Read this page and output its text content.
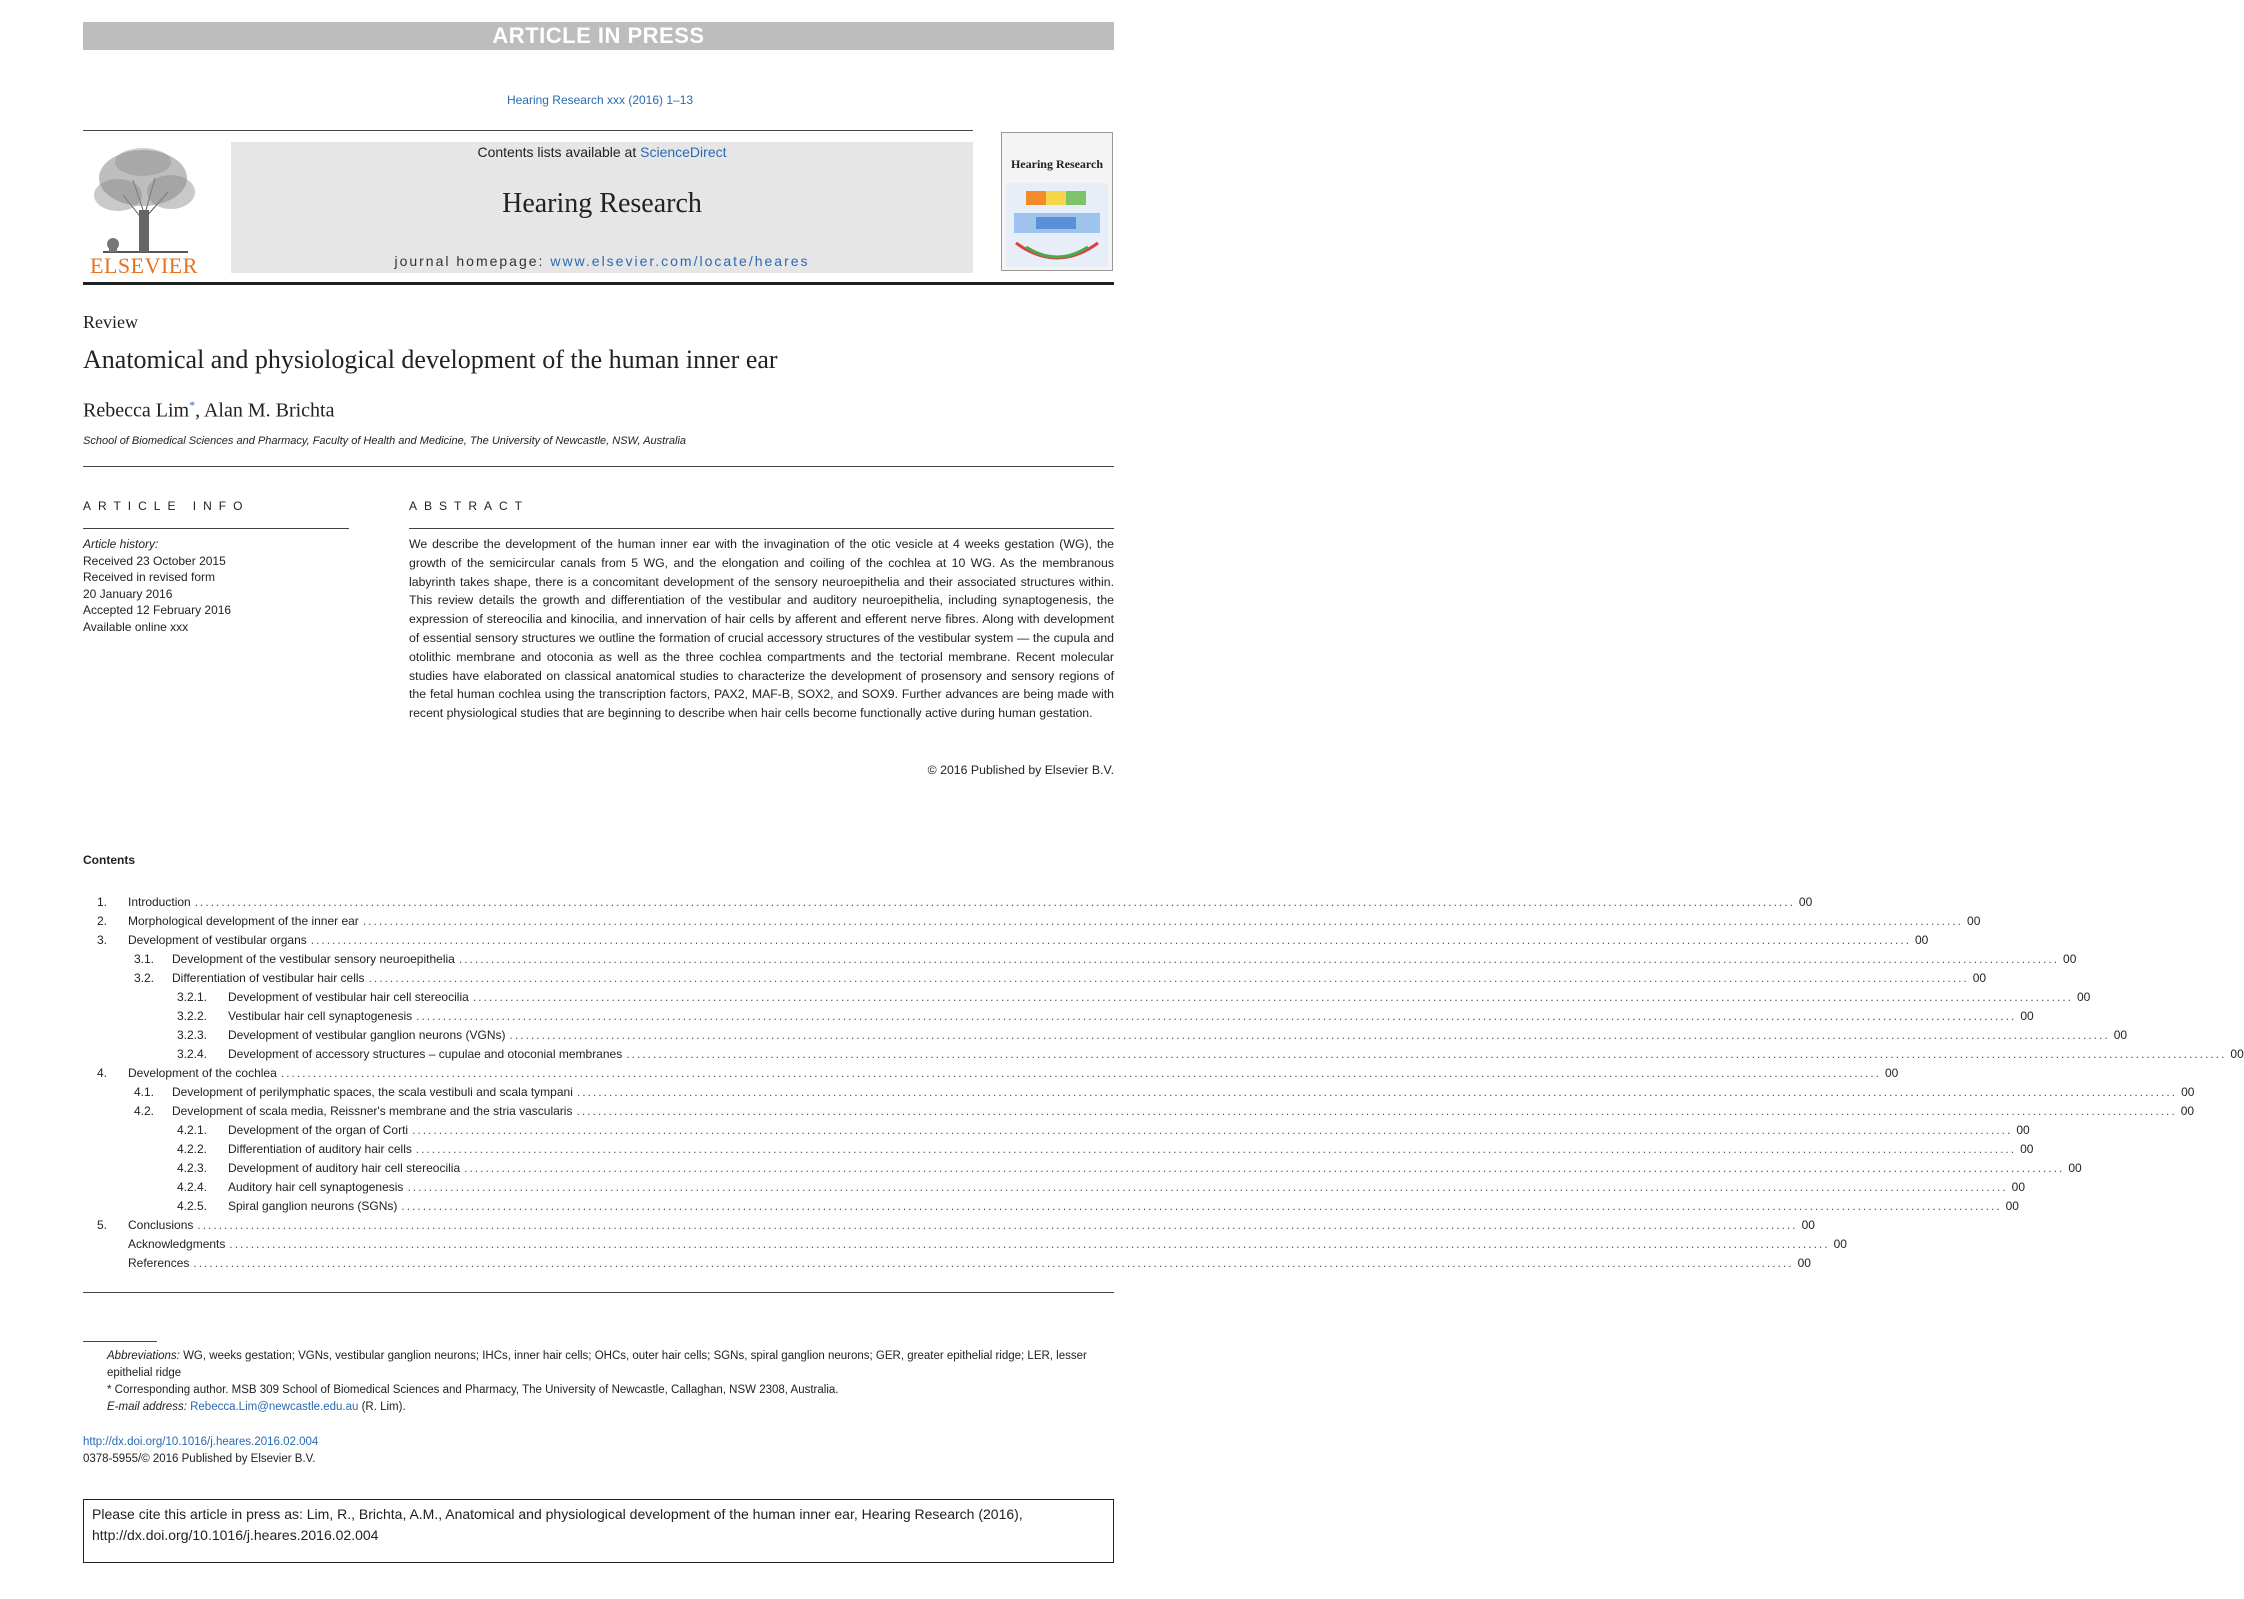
ARTICLE IN PRESS
Hearing Research xxx (2016) 1–13
ELSEVIER
Contents lists available at ScienceDirect
Hearing Research
journal homepage: www.elsevier.com/locate/heares
Hearing Research
Review
Anatomical and physiological development of the human inner ear
Rebecca Lim*, Alan M. Brichta
School of Biomedical Sciences and Pharmacy, Faculty of Health and Medicine, The University of Newcastle, NSW, Australia
ARTICLE INFO	ABSTRACT
Article history:
Received 23 October 2015
Received in revised form
20 January 2016
Accepted 12 February 2016
Available online xxx
We describe the development of the human inner ear with the invagination of the otic vesicle at 4 weeks gestation (WG), the growth of the semicircular canals from 5 WG, and the elongation and coiling of the cochlea at 10 WG. As the membranous labyrinth takes shape, there is a concomitant development of the sensory neuroepithelia and their associated structures within. This review details the growth and differentiation of the vestibular and auditory neuroepithelia, including synaptogenesis, the expression of stereocilia and kinocilia, and innervation of hair cells by afferent and efferent nerve fibres. Along with development of essential sensory structures we outline the formation of crucial accessory structures of the vestibular system — the cupula and otolithic membrane and otoconia as well as the three cochlea compartments and the tectorial membrane. Recent molecular studies have elaborated on classical anatomical studies to characterize the development of prosensory and sensory regions of the fetal human cochlea using the transcription factors, PAX2, MAF-B, SOX2, and SOX9. Further advances are being made with recent physiological studies that are beginning to describe when hair cells become functionally active during human gestation.
© 2016 Published by Elsevier B.V.
Contents
1. Introduction ............................................................................................................................................................................................................................................................................................................ 00
2. Morphological development of the inner ear ............................................................................................................................................................................................................................................................................................................ 00
3. Development of vestibular organs ............................................................................................................................................................................................................................................................................................................ 00
3.1. Development of the vestibular sensory neuroepithelia ............................................................................................................................................................................................................................................................................................................ 00
3.2. Differentiation of vestibular hair cells ............................................................................................................................................................................................................................................................................................................ 00
3.2.1. Development of vestibular hair cell stereocilia ............................................................................................................................................................................................................................................................................................................ 00
3.2.2. Vestibular hair cell synaptogenesis ............................................................................................................................................................................................................................................................................................................ 00
3.2.3. Development of vestibular ganglion neurons (VGNs) ............................................................................................................................................................................................................................................................................................................ 00
3.2.4. Development of accessory structures – cupulae and otoconial membranes ............................................................................................................................................................................................................................................................................................................ 00
4. Development of the cochlea ............................................................................................................................................................................................................................................................................................................ 00
4.1. Development of perilymphatic spaces, the scala vestibuli and scala tympani ............................................................................................................................................................................................................................................................................................................ 00
4.2. Development of scala media, Reissner's membrane and the stria vascularis ............................................................................................................................................................................................................................................................................................................ 00
4.2.1. Development of the organ of Corti ............................................................................................................................................................................................................................................................................................................ 00
4.2.2. Differentiation of auditory hair cells ............................................................................................................................................................................................................................................................................................................ 00
4.2.3. Development of auditory hair cell stereocilia ............................................................................................................................................................................................................................................................................................................ 00
4.2.4. Auditory hair cell synaptogenesis ............................................................................................................................................................................................................................................................................................................ 00
4.2.5. Spiral ganglion neurons (SGNs) ............................................................................................................................................................................................................................................................................................................ 00
5. Conclusions ............................................................................................................................................................................................................................................................................................................ 00
Acknowledgments ............................................................................................................................................................................................................................................................................................................ 00
References ............................................................................................................................................................................................................................................................................................................ 00
Abbreviations: WG, weeks gestation; VGNs, vestibular ganglion neurons; IHCs, inner hair cells; OHCs, outer hair cells; SGNs, spiral ganglion neurons; GER, greater epithelial ridge; LER, lesser epithelial ridge
* Corresponding author. MSB 309 School of Biomedical Sciences and Pharmacy, The University of Newcastle, Callaghan, NSW 2308, Australia.
E-mail address: Rebecca.Lim@newcastle.edu.au (R. Lim).
http://dx.doi.org/10.1016/j.heares.2016.02.004
0378-5955/© 2016 Published by Elsevier B.V.
Please cite this article in press as: Lim, R., Brichta, A.M., Anatomical and physiological development of the human inner ear, Hearing Research (2016), http://dx.doi.org/10.1016/j.heares.2016.02.004
